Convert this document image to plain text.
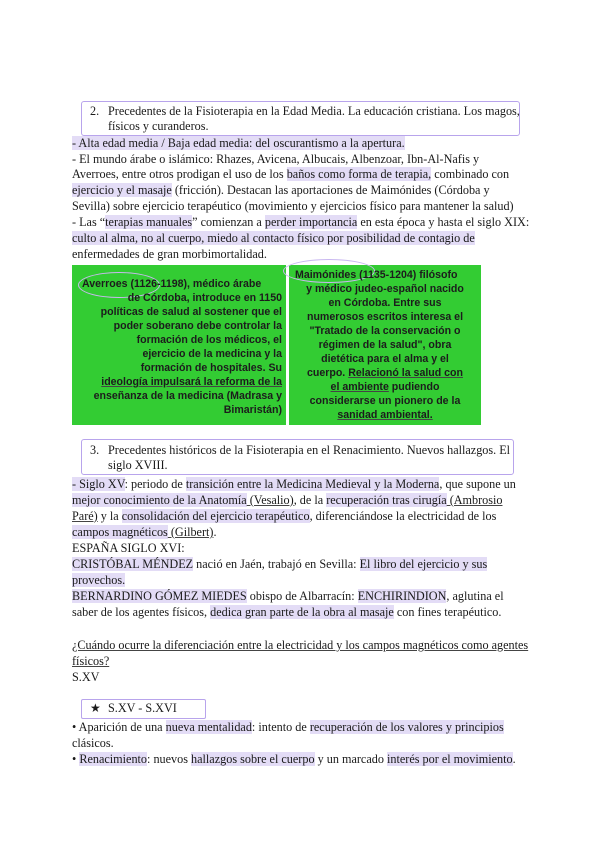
2. Precedentes de la Fisioterapia en la Edad Media. La educación cristiana. Los magos,
físicos y curanderos.
- Alta edad media / Baja edad media: del oscurantismo a la apertura.
- El mundo árabe o islámico: Rhazes, Avicena, Albucais, Albenzoar, Ibn-Al-Nafis y
Averroes, entre otros prodigan el uso de los baños como forma de terapia, combinado con
ejercicio y el masaje (fricción). Destacan las aportaciones de Maimónides (Córdoba y
Sevilla) sobre ejercicio terapéutico (movimiento y ejercicios físico para mantener la salud)
- Las “terapias manuales” comienzan a perder importancia en esta época y hasta el siglo XIX:
culto al alma, no al cuerpo, miedo al contacto físico por posibilidad de contagio de
enfermedades de gran morbimortalidad.
Averroes (1126-1198), médico árabe
de Córdoba, introduce en 1150
políticas de salud al sostener que el
poder soberano debe controlar la
formación de los médicos, el
ejercicio de la medicina y la
formación de hospitales. Su
ideología impulsará la reforma de la
enseñanza de la medicina (Madrasa y
Bimaristán)
Maimónides (1135-1204) filósofo
y médico judeo-español nacido
en Córdoba. Entre sus
numerosos escritos interesa el
"Tratado de la conservación o
régimen de la salud", obra
dietética para el alma y el
cuerpo. Relacionó la salud con
el ambiente pudiendo
considerarse un pionero de la
sanidad ambiental.
3. Precedentes históricos de la Fisioterapia en el Renacimiento. Nuevos hallazgos. El
siglo XVIII.
- Siglo XV: periodo de transición entre la Medicina Medieval y la Moderna, que supone un
mejor conocimiento de la Anatomía (Vesalio), de la recuperación tras cirugía (Ambrosio
Paré) y la consolidación del ejercicio terapéutico, diferenciándose la electricidad de los
campos magnéticos (Gilbert).
ESPAÑA SIGLO XVI:
CRISTÓBAL MÉNDEZ nació en Jaén, trabajó en Sevilla: El libro del ejercicio y sus
provechos.
BERNARDINO GÓMEZ MIEDES obispo de Albarracín: ENCHIRINDION, aglutina el
saber de los agentes físicos, dedica gran parte de la obra al masaje con fines terapéutico.
¿Cuándo ocurre la diferenciación entre la electricidad y los campos magnéticos como agentes
físicos?
S.XV
★ S.XV - S.XVI
• Aparición de una nueva mentalidad: intento de recuperación de los valores y principios
clásicos.
• Renacimiento: nuevos hallazgos sobre el cuerpo y un marcado interés por el movimiento.
